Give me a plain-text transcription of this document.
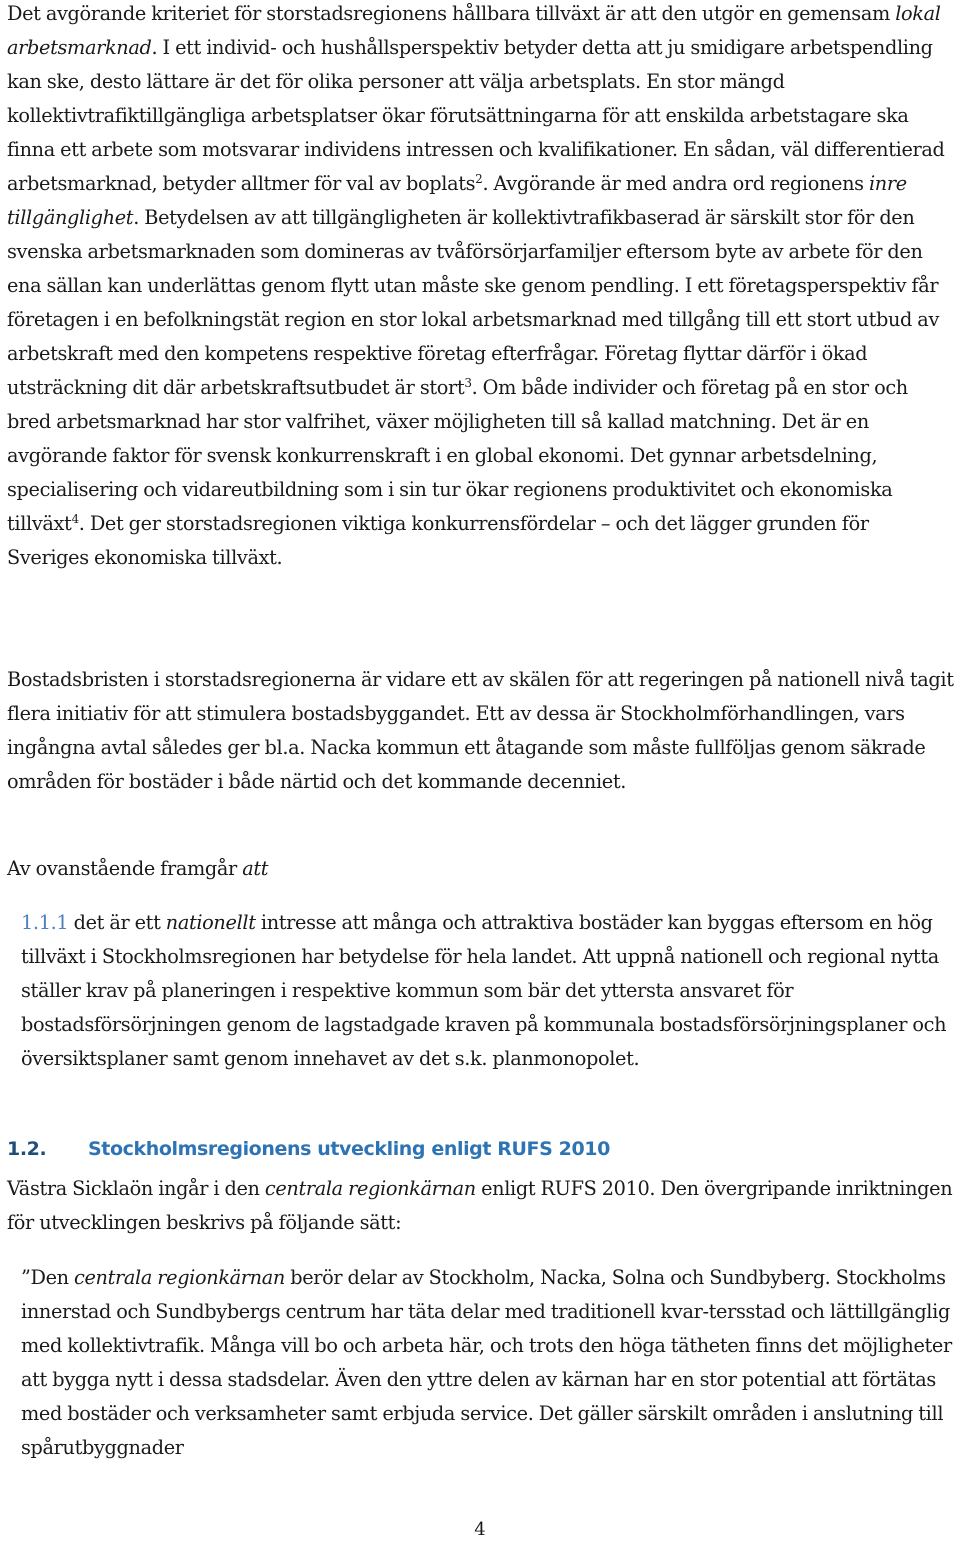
Det avgörande kriteriet för storstadsregionens hållbara tillväxt är att den utgör en gemensam lokal arbetsmarknad. I ett individ- och hushållsperspektiv betyder detta att ju smidigare arbetspendling kan ske, desto lättare är det för olika personer att välja arbetsplats. En stor mängd kollektivtrafiktillgängliga arbetsplatser ökar förutsättningarna för att enskilda arbetstagare ska finna ett arbete som motsvarar individens intressen och kvalifikationer. En sådan, väl differentierad arbetsmarknad, betyder alltmer för val av boplats$^2$. Avgörande är med andra ord regionens inre tillgänglighet. Betydelsen av att tillgängligheten är kollektivtrafikbaserad är särskilt stor för den svenska arbetsmarknaden som domineras av tvåförsörjarfamiljer eftersom byte av arbete för den ena sällan kan underlättas genom flytt utan måste ske genom pendling. I ett företagsperspektiv får företagen i en befolkningstät region en stor lokal arbetsmarknad med tillgång till ett stort utbud av arbetskraft med den kompetens respektive företag efterfrågar. Företag flyttar därför i ökad utsträckning dit där arbetskraftsutbudet är stort$^3$. Om både individer och företag på en stor och bred arbetsmarknad har stor valfrihet, växer möjligheten till så kallad matchning. Det är en avgörande faktor för svensk konkurrenskraft i en global ekonomi. Det gynnar arbetsdelning, specialisering och vidareutbildning som i sin tur ökar regionens produktivitet och ekonomiska tillväxt$^4$. Det ger storstadsregionen viktiga konkurrensfördelar – och det lägger grunden för Sveriges ekonomiska tillväxt.

Bostadsbristen i storstadsregionerna är vidare ett av skälen för att regeringen på nationell nivå tagit flera initiativ för att stimulera bostadsbyggandet. Ett av dessa är Stockholmförhandlingen, vars ingångna avtal således ger bl.a. Nacka kommun ett åtagande som måste fullföljas genom säkrade områden för bostäder i både närtid och det kommande decenniet.

Av ovanstående framgår att

1.1.1 det är ett nationellt intresse att många och attraktiva bostäder kan byggas eftersom en hög tillväxt i Stockholmsregionen har betydelse för hela landet. Att uppnå nationell och regional nytta ställer krav på planeringen i respektive kommun som bär det yttersta ansvaret för bostadsförsörjningen genom de lagstadgade kraven på kommunala bostadsförsörjningsplaner och översiktsplaner samt genom innehavet av det s.k. planmonopolet.

1.2. Stockholmsregionens utveckling enligt RUFS 2010

Västra Sicklaön ingår i den centrala regionkärnan enligt RUFS 2010. Den övergripande inriktningen för utvecklingen beskrivs på följande sätt:

”Den centrala regionkärnan berör delar av Stockholm, Nacka, Solna och Sundbyberg. Stockholms innerstad och Sundbybergs centrum har täta delar med traditionell kvar-tersstad och lättillgänglig med kollektivtrafik. Många vill bo och arbeta här, och trots den höga tätheten finns det möjligheter att bygga nytt i dessa stadsdelar. Även den yttre delen av kärnan har en stor potential att förtätas med bostäder och verksamheter samt erbjuda service. Det gäller särskilt områden i anslutning till spårutbyggnader

4
